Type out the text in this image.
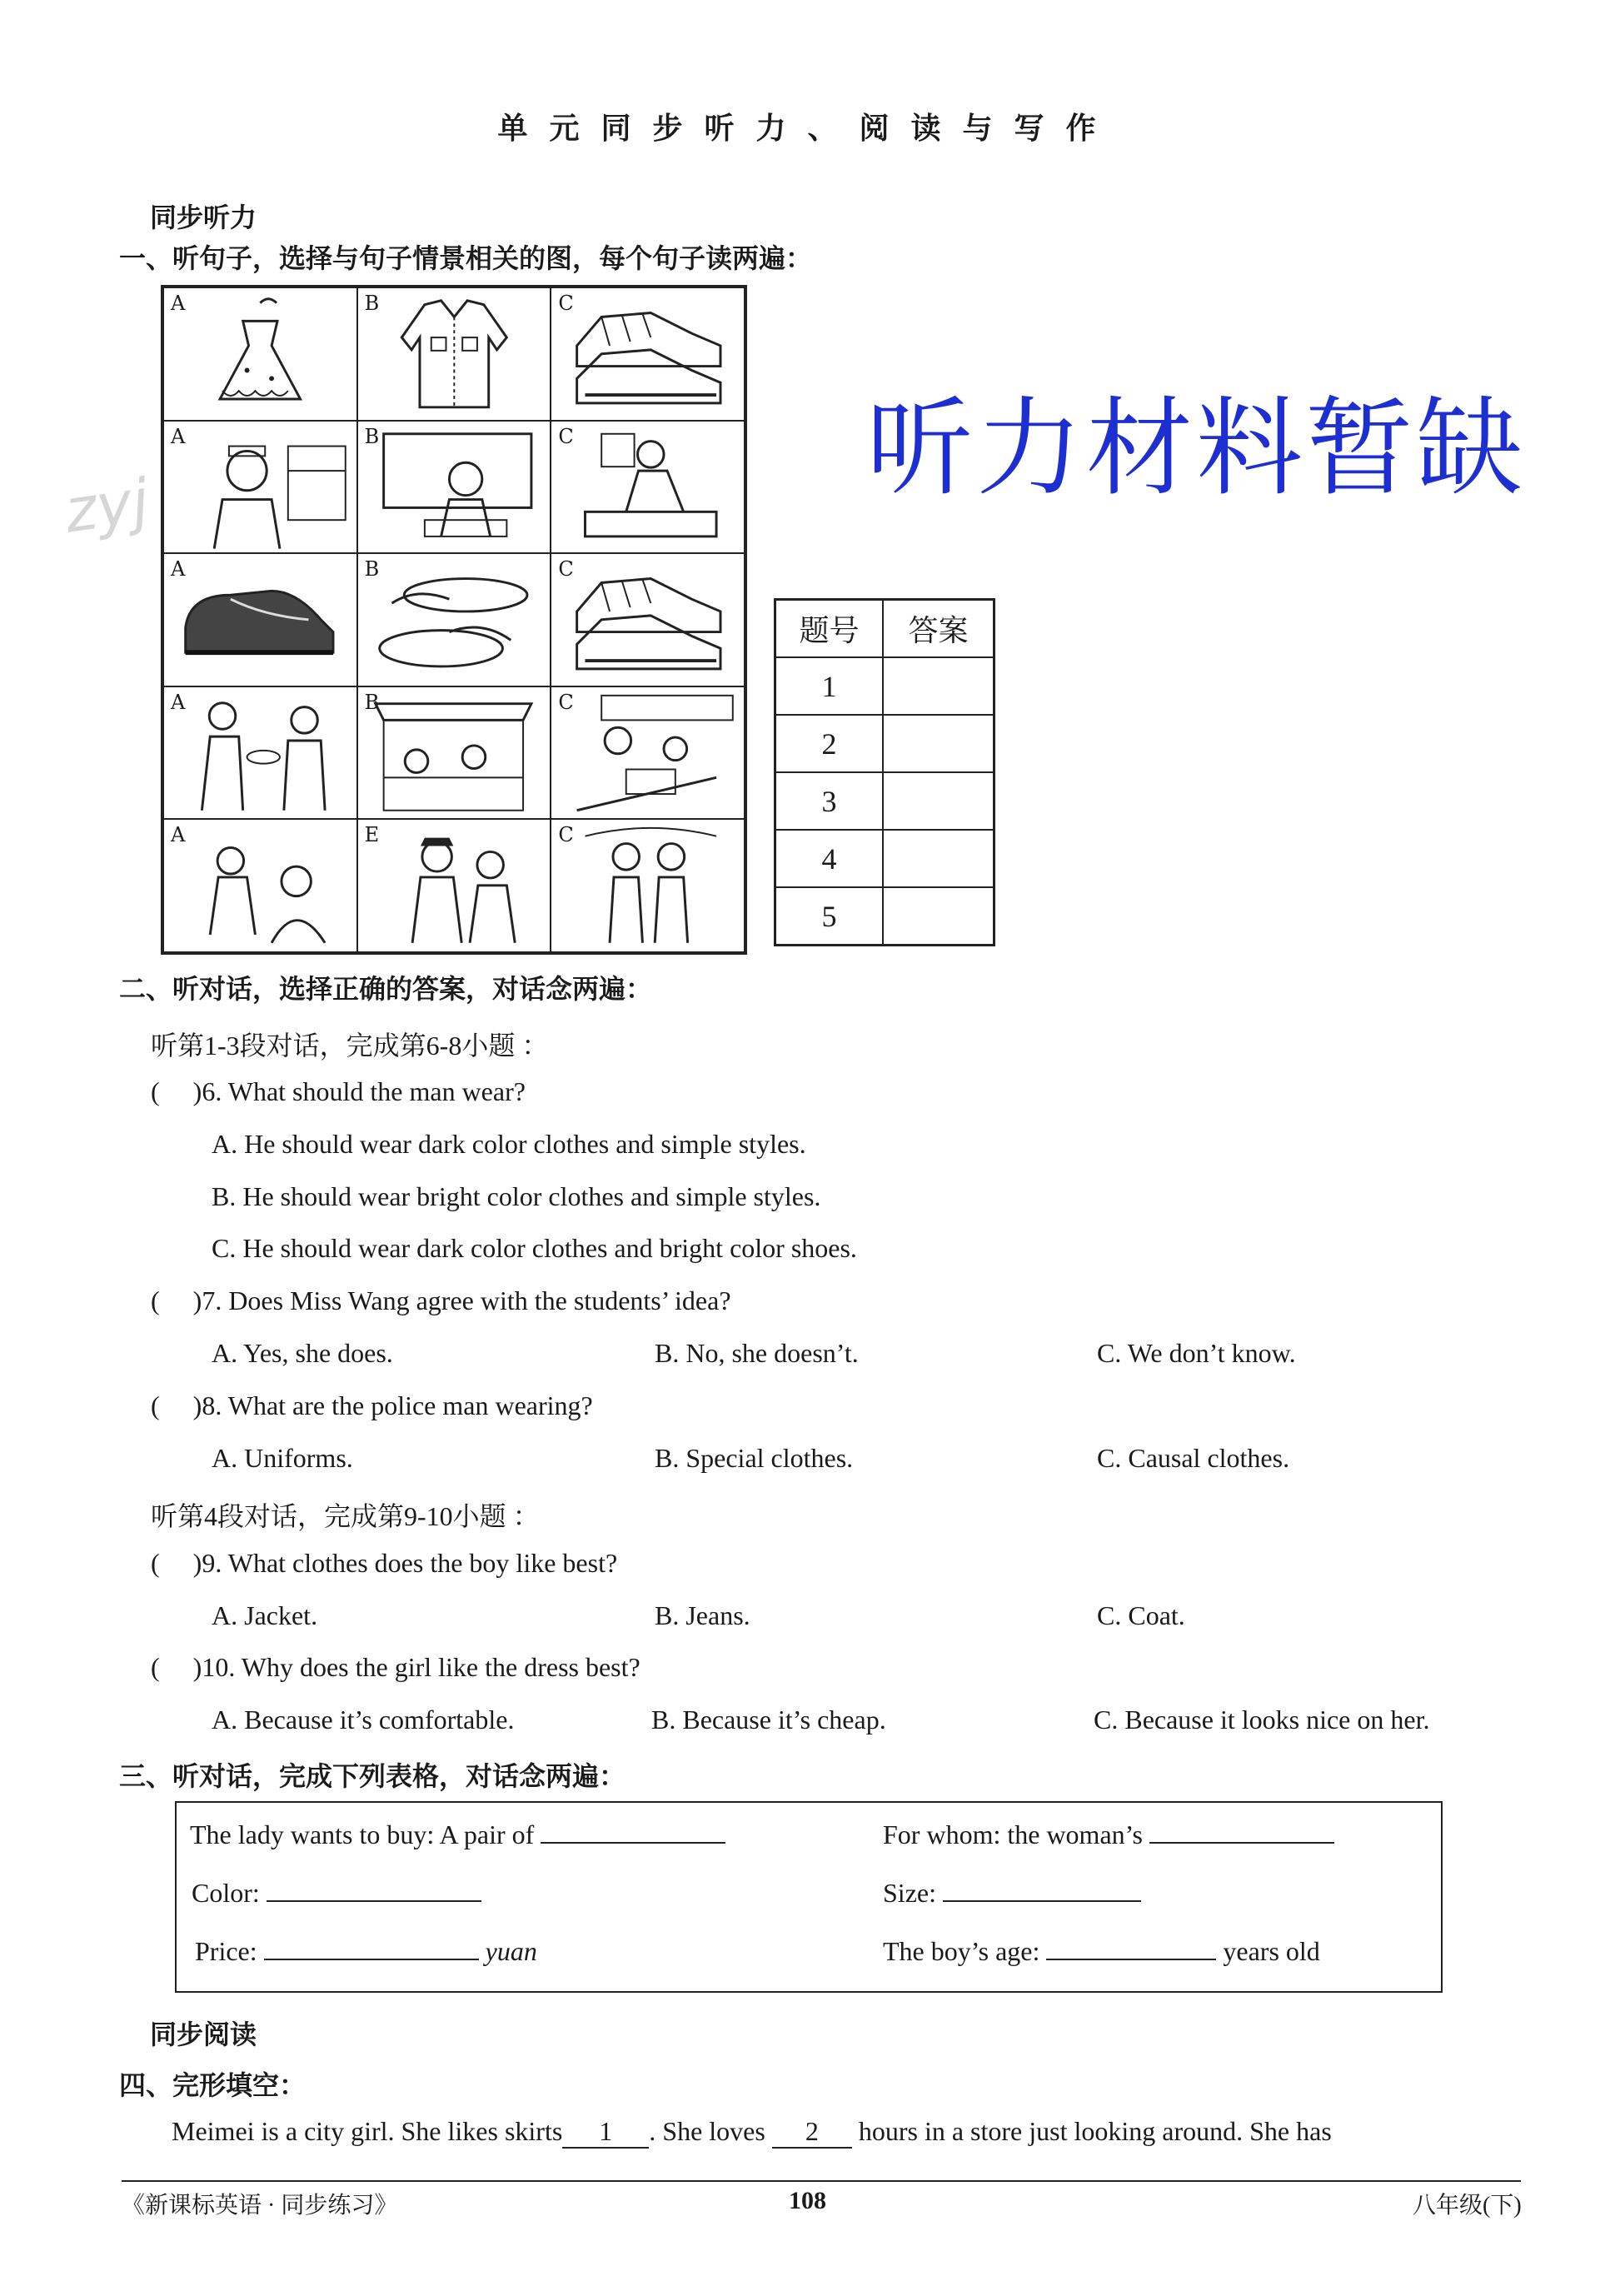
单元同步听力、阅读与写作
zyj
同步听力
一、听句子，选择与句子情景相关的图，每个句子读两遍：
A	B	C
A	B	C
A	B	C
A	B	C
A	E	C
听力材料暂缺
题号	答案
1	
2	
3	
4	
5	
二、听对话，选择正确的答案，对话念两遍：
听第1-3段对话，完成第6-8小题 ：
( )6. What should the man wear?
A. He should wear dark color clothes and simple styles.
B. He should wear bright color clothes and simple styles.
C. He should wear dark color clothes and bright color shoes.
( )7. Does Miss Wang agree with the students’ idea?
A. Yes, she does.	B. No, she doesn’t.	C. We don’t know.
( )8. What are the police man wearing?
A. Uniforms.	B. Special clothes.	C. Causal clothes.
听第4段对话，完成第9-10小题 ：
( )9. What clothes does the boy like best?
A. Jacket.	B. Jeans.	C. Coat.
( )10. Why does the girl like the dress best?
A. Because it’s comfortable.	B. Because it’s cheap.	C. Because it looks nice on her.
三、听对话，完成下列表格，对话念两遍：
The lady wants to buy: A pair of	For whom: the woman’s
Color:	Size:
Price:	yuan	The boy’s age:	years old
同步阅读
四、完形填空：
Meimei is a city girl. She likes skirts 1 . She loves 2 hours in a store just looking around. She has
《新课标英语 · 同步练习》	108	八年级(下)
